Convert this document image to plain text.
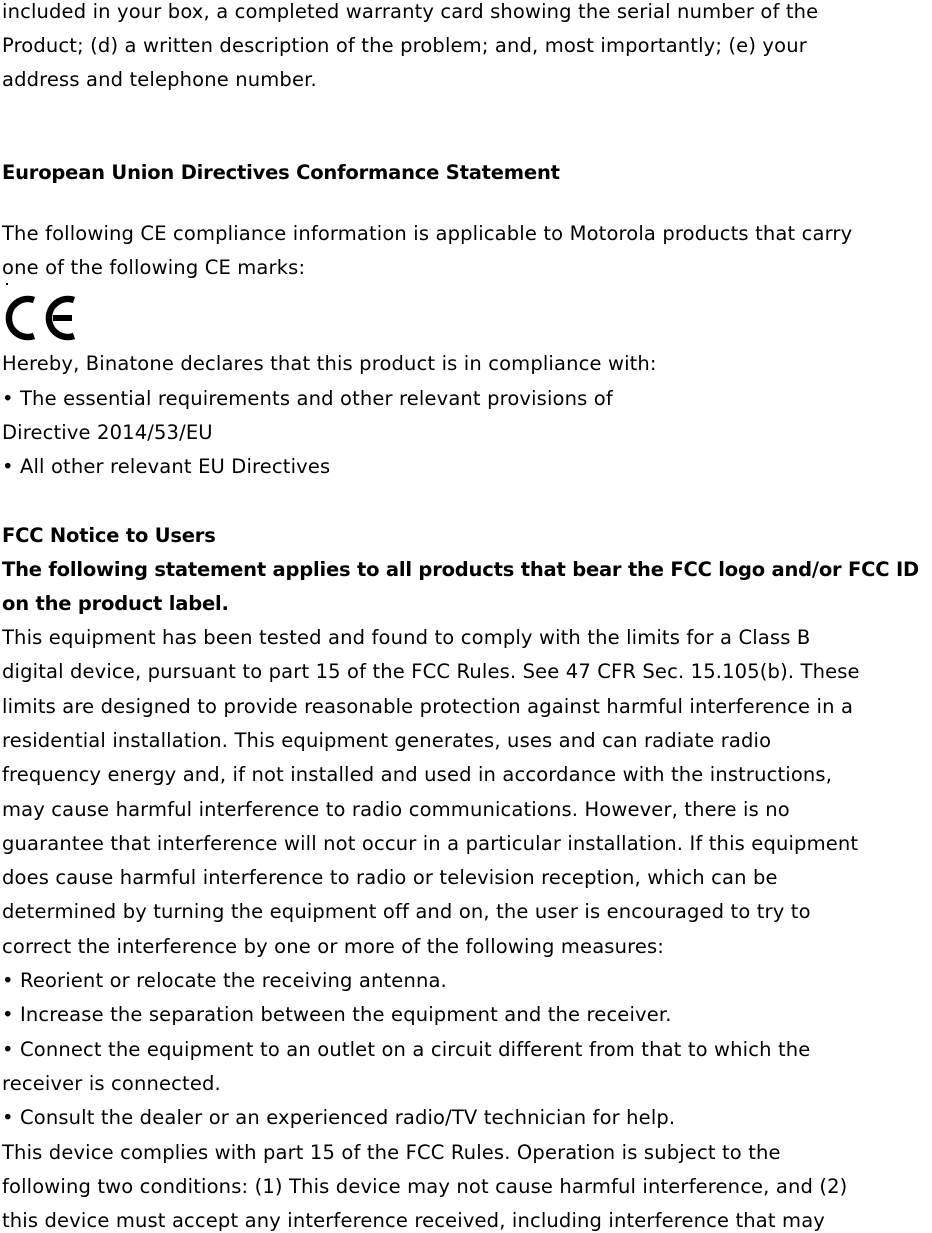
included in your box, a completed warranty card showing the serial number of the
Product; (d) a written description of the problem; and, most importantly; (e) your
address and telephone number.
European Union Directives Conformance Statement
The following CE compliance information is applicable to Motorola products that carry
one of the following CE marks:
Hereby, Binatone declares that this product is in compliance with:
• The essential requirements and other relevant provisions of
Directive 2014/53/EU
• All other relevant EU Directives
FCC Notice to Users
The following statement applies to all products that bear the FCC logo and/or FCC ID
on the product label.
This equipment has been tested and found to comply with the limits for a Class B
digital device, pursuant to part 15 of the FCC Rules. See 47 CFR Sec. 15.105(b). These
limits are designed to provide reasonable protection against harmful interference in a
residential installation. This equipment generates, uses and can radiate radio
frequency energy and, if not installed and used in accordance with the instructions,
may cause harmful interference to radio communications. However, there is no
guarantee that interference will not occur in a particular installation. If this equipment
does cause harmful interference to radio or television reception, which can be
determined by turning the equipment off and on, the user is encouraged to try to
correct the interference by one or more of the following measures:
• Reorient or relocate the receiving antenna.
• Increase the separation between the equipment and the receiver.
• Connect the equipment to an outlet on a circuit different from that to which the
receiver is connected.
• Consult the dealer or an experienced radio/TV technician for help.
This device complies with part 15 of the FCC Rules. Operation is subject to the
following two conditions: (1) This device may not cause harmful interference, and (2)
this device must accept any interference received, including interference that may
